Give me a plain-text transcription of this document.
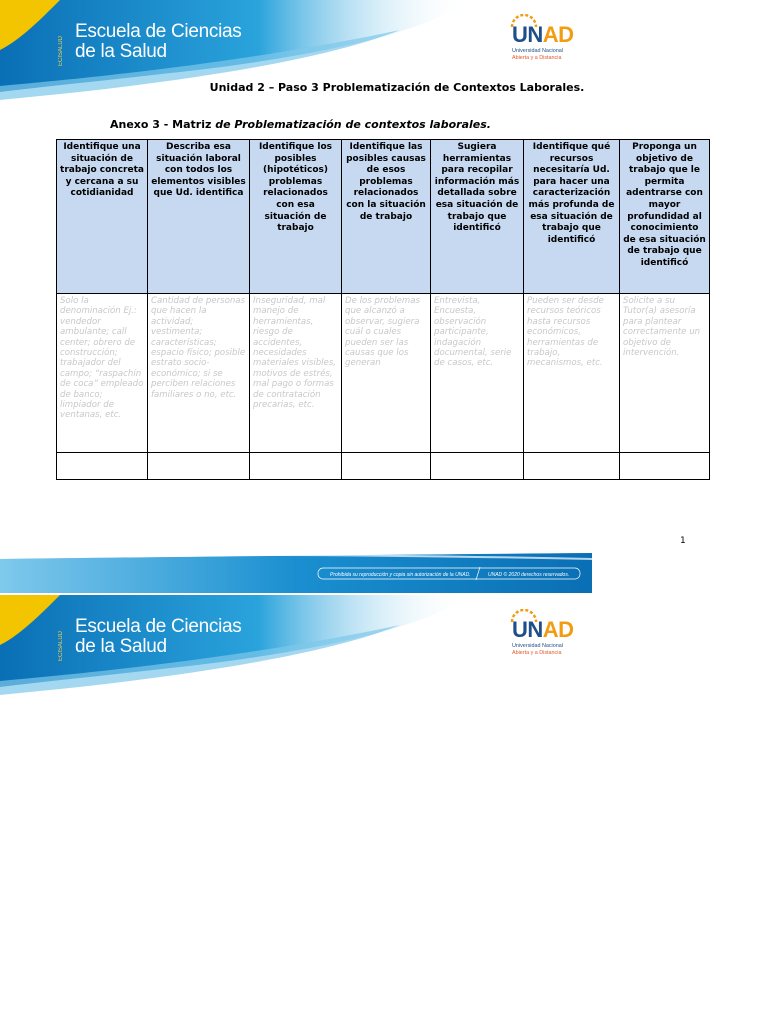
ECISALUD
Escuela de Ciencias
de la Salud
UNAD
Universidad Nacional
Abierta y a Distancia
Unidad 2 – Paso 3 Problematización de Contextos Laborales.
Anexo 3 - Matriz de Problematización de contextos laborales.
Identifique una situación de trabajo concreta y cercana a su cotidianidad	Describa esa situación laboral con todos los elementos visibles que Ud. identifica	Identifique los posibles (hipotéticos) problemas relacionados con esa situación de trabajo	Identifique las posibles causas de esos problemas relacionados con la situación de trabajo	Sugiera herramientas para recopilar información más detallada sobre esa situación de trabajo que identificó	Identifique qué recursos necesitaría Ud. para hacer una caracterización más profunda de esa situación de trabajo que identificó	Proponga un objetivo de trabajo que le permita adentrarse con mayor profundidad al conocimiento de esa situación de trabajo que identificó
Solo la denominación Ej.: vendedor ambulante; call center; obrero de construcción; trabajador del campo; “raspachín de coca” empleado de banco; limpiador de ventanas, etc.	Cantidad de personas que hacen la actividad; vestimenta; características; espacio físico; posible estrato socio-económico; si se perciben relaciones familiares o no, etc.	Inseguridad, mal manejo de herramientas, riesgo de accidentes, necesidades materiales visibles, motivos de estrés, mal pago o formas de contratación precarias, etc.	De los problemas que alcanzó a observar, sugiera cuál o cuales pueden ser las causas que los generan	Entrevista, Encuesta, observación participante, indagación documental, serie de casos, etc.	Pueden ser desde recursos teóricos hasta recursos económicos, herramientas de trabajo, mecanismos, etc.	Solicite a su Tutor(a) asesoría para plantear correctamente un objetivo de intervención.

1
Prohibida su reproducción y copia sin autorización de la UNAD.	UNAD © 2020 derechos reservados.
ECISALUD
Escuela de Ciencias
de la Salud
UNAD
Universidad Nacional
Abierta y a Distancia
